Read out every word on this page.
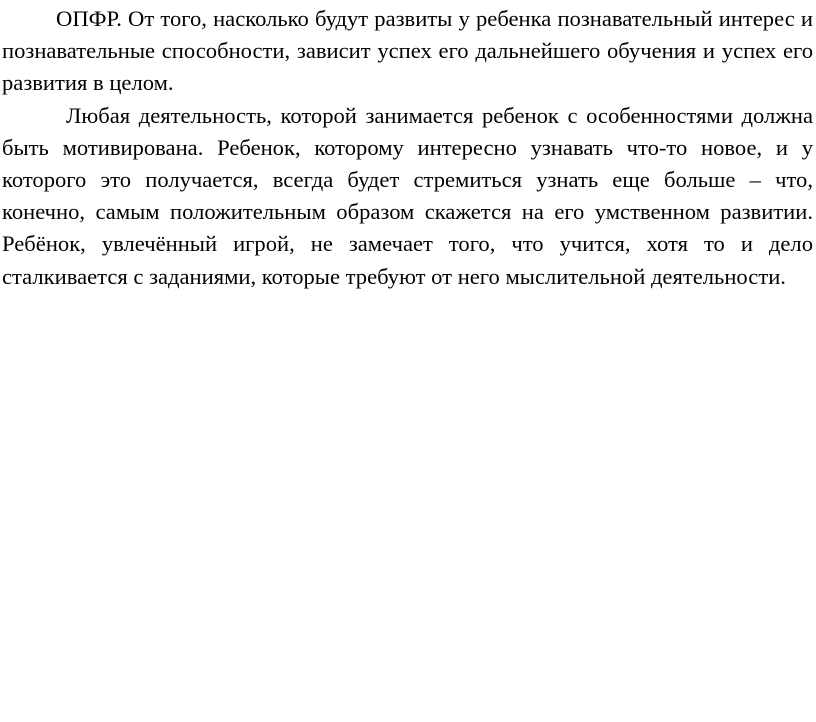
ОПФР. От того, насколько будут развиты у ребенка познавательный интерес и познавательные способности, зависит успех его дальнейшего обучения и успех его развития в целом.

Любая деятельность, которой занимается ребенок с особенностями должна быть мотивирована. Ребенок, которому интересно узнавать что-то новое, и у которого это получается, всегда будет стремиться узнать еще больше – что, конечно, самым положительным образом скажется на его умственном развитии. Ребёнок, увлечённый игрой, не замечает того, что учится, хотя то и дело сталкивается с заданиями, которые требуют от него мыслительной деятельности.
